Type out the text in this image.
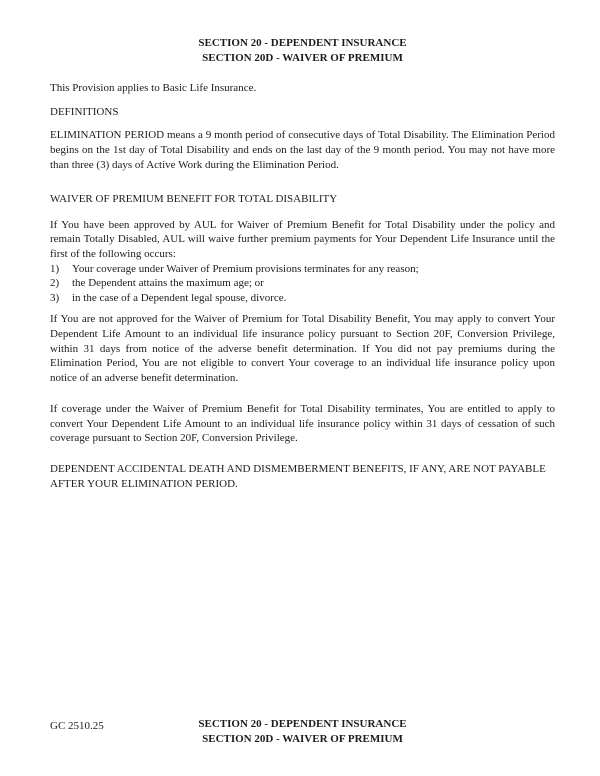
SECTION 20 - DEPENDENT INSURANCE
SECTION 20D - WAIVER OF PREMIUM

This Provision applies to Basic Life Insurance.

DEFINITIONS

ELIMINATION PERIOD means a 9 month period of consecutive days of Total Disability. The Elimination Period begins on the 1st day of Total Disability and ends on the last day of the 9 month period. You may not have more than three (3) days of Active Work during the Elimination Period.

WAIVER OF PREMIUM BENEFIT FOR TOTAL DISABILITY

If You have been approved by AUL for Waiver of Premium Benefit for Total Disability under the policy and remain Totally Disabled, AUL will waive further premium payments for Your Dependent Life Insurance until the first of the following occurs:

1)	Your coverage under Waiver of Premium provisions terminates for any reason;
2)	the Dependent attains the maximum age; or
3)	in the case of a Dependent legal spouse, divorce.

If You are not approved for the Waiver of Premium for Total Disability Benefit, You may apply to convert Your Dependent Life Amount to an individual life insurance policy pursuant to Section 20F, Conversion Privilege, within 31 days from notice of the adverse benefit determination. If You did not pay premiums during the Elimination Period, You are not eligible to convert Your coverage to an individual life insurance policy upon notice of an adverse benefit determination.

If coverage under the Waiver of Premium Benefit for Total Disability terminates, You are entitled to apply to convert Your Dependent Life Amount to an individual life insurance policy within 31 days of cessation of such coverage pursuant to Section 20F, Conversion Privilege.

DEPENDENT ACCIDENTAL DEATH AND DISMEMBERMENT BENEFITS, IF ANY, ARE NOT PAYABLE AFTER YOUR ELIMINATION PERIOD.

GC 2510.25	SECTION 20 - DEPENDENT INSURANCE
SECTION 20D - WAIVER OF PREMIUM
